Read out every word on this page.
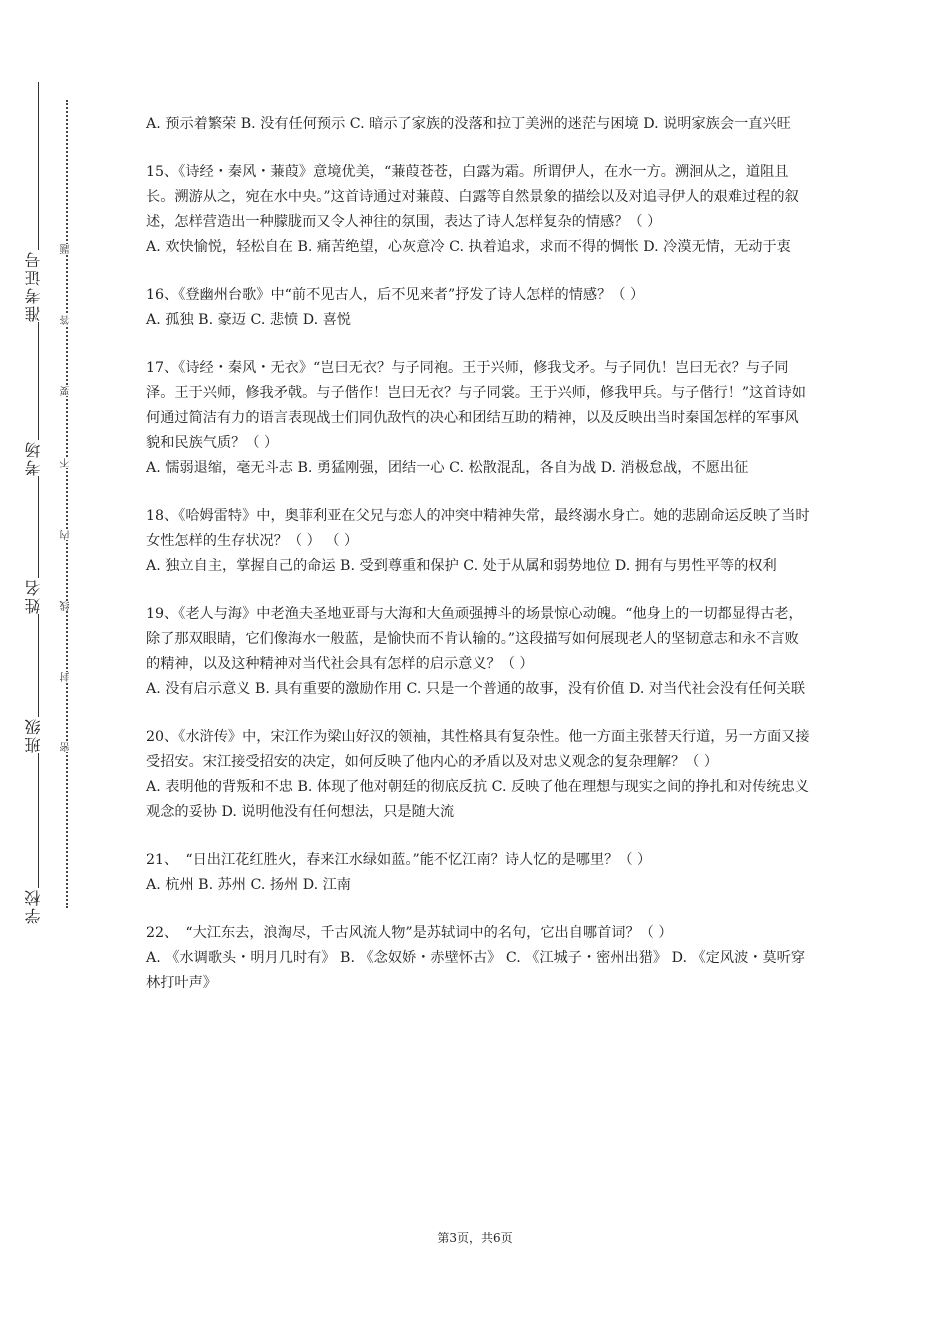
准考证号
考场
姓名
班级
学校
题
答
要
不
内
线
封
密

A. 预示着繁荣 B. 没有任何预示 C. 暗示了家族的没落和拉丁美洲的迷茫与困境 D. 说明家族会一直兴旺

15、《诗经・秦风・蒹葭》意境优美，“蒹葭苍苍，白露为霜。所谓伊人，在水一方。溯洄从之，道阻且长。溯游从之，宛在水中央。”这首诗通过对蒹葭、白露等自然景象的描绘以及对追寻伊人的艰难过程的叙述，怎样营造出一种朦胧而又令人神往的氛围，表达了诗人怎样复杂的情感？（ ）

A. 欢快愉悦，轻松自在 B. 痛苦绝望，心灰意冷 C. 执着追求，求而不得的惆怅 D. 冷漠无情，无动于衷

16、《登幽州台歌》中“前不见古人，后不见来者”抒发了诗人怎样的情感？（ ）

A. 孤独 B. 豪迈 C. 悲愤 D. 喜悦

17、《诗经・秦风・无衣》“岂曰无衣？与子同袍。王于兴师，修我戈矛。与子同仇！岂曰无衣？与子同泽。王于兴师，修我矛戟。与子偕作！岂曰无衣？与子同裳。王于兴师，修我甲兵。与子偕行！”这首诗如何通过简洁有力的语言表现战士们同仇敌忾的决心和团结互助的精神，以及反映出当时秦国怎样的军事风貌和民族气质？（ ）

A. 懦弱退缩，毫无斗志 B. 勇猛刚强，团结一心 C. 松散混乱，各自为战 D. 消极怠战，不愿出征

18、《哈姆雷特》中，奥菲利亚在父兄与恋人的冲突中精神失常，最终溺水身亡。她的悲剧命运反映了当时女性怎样的生存状况？（ ） （ ）

A. 独立自主，掌握自己的命运 B. 受到尊重和保护 C. 处于从属和弱势地位 D. 拥有与男性平等的权利

19、《老人与海》中老渔夫圣地亚哥与大海和大鱼顽强搏斗的场景惊心动魄。“他身上的一切都显得古老，除了那双眼睛，它们像海水一般蓝，是愉快而不肯认输的。”这段描写如何展现老人的坚韧意志和永不言败的精神，以及这种精神对当代社会具有怎样的启示意义？（ ）

A. 没有启示意义 B. 具有重要的激励作用 C. 只是一个普通的故事，没有价值 D. 对当代社会没有任何关联

20、《水浒传》中，宋江作为梁山好汉的领袖，其性格具有复杂性。他一方面主张替天行道，另一方面又接受招安。宋江接受招安的决定，如何反映了他内心的矛盾以及对忠义观念的复杂理解？（ ）

A. 表明他的背叛和不忠 B. 体现了他对朝廷的彻底反抗 C. 反映了他在理想与现实之间的挣扎和对传统忠义观念的妥协 D. 说明他没有任何想法，只是随大流

21、　“日出江花红胜火，春来江水绿如蓝。”能不忆江南？诗人忆的是哪里？（ ）

A. 杭州 B. 苏州 C. 扬州 D. 江南

22、　“大江东去，浪淘尽，千古风流人物”是苏轼词中的名句，它出自哪首词？（ ）

A. 《水调歌头・明月几时有》 B. 《念奴娇・赤壁怀古》 C. 《江城子・密州出猎》 D. 《定风波・莫听穿林打叶声》

第3页，共6页
